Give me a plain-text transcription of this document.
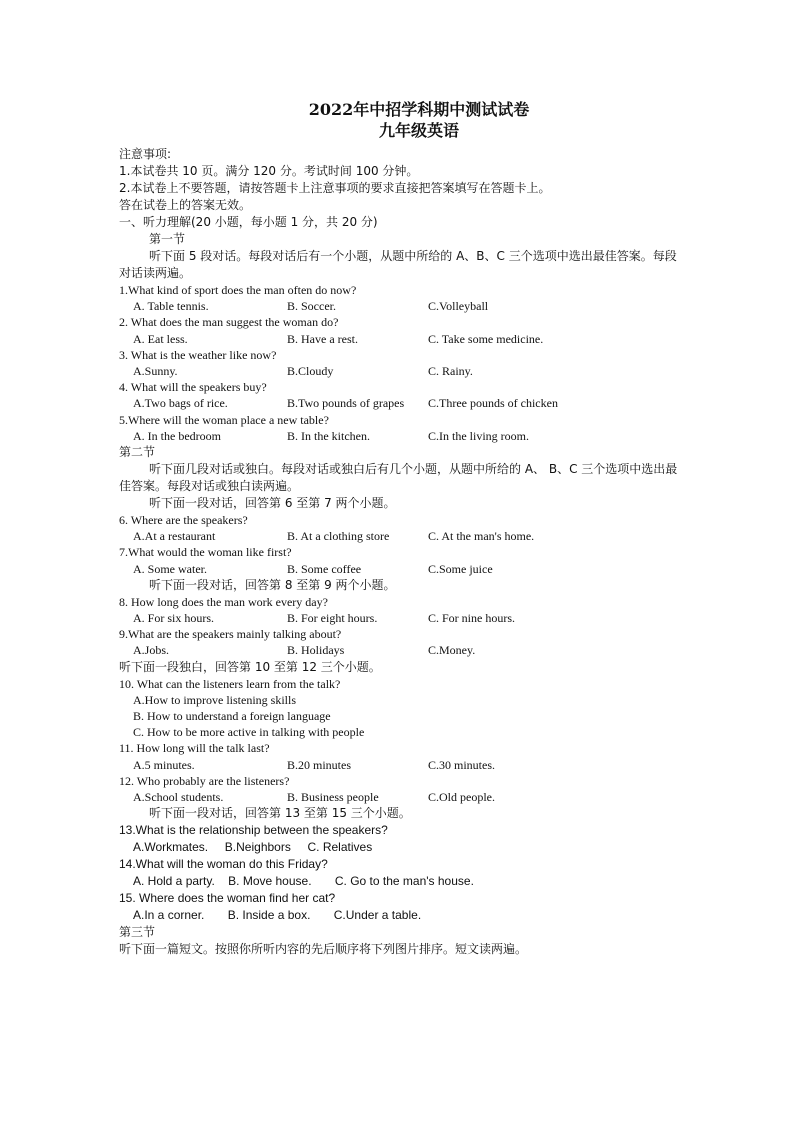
2022年中招学科期中测试试卷
九年级英语
注意事项:
1.本试卷共 10 页。满分 120 分。考试时间 100 分钟。
2.本试卷上不要答题，请按答题卡上注意事项的要求直接把答案填写在答题卡上。
答在试卷上的答案无效。
一、听力理解(20 小题，每小题 1 分，共 20 分)
第一节
听下面 5 段对话。每段对话后有一个小题，从题中所给的 A、B、C 三个选项中选出最佳答案。每段对话读两遍。
1.What kind of sport does the man often do now?
A. Table tennis.	B. Soccer.	C.Volleyball
2. What does the man suggest the woman do?
A. Eat less.	B. Have a rest.	C. Take some medicine.
3. What is the weather like now?
A.Sunny.	B.Cloudy	C. Rainy.
4. What will the speakers buy?
A.Two bags of rice.	B.Two pounds of grapes	C.Three pounds of chicken
5.Where will the woman place a new table?
A. In the bedroom	B. In the kitchen.	C.In the living room.
第二节
听下面几段对话或独白。每段对话或独白后有几个小题，从题中所给的 A、 B、C 三个选项中选出最佳答案。每段对话或独白读两遍。
听下面一段对话，回答第 6 至第 7 两个小题。
6. Where are the speakers?
A.At a restaurant	B. At a clothing store	C. At the man's home.
7.What would the woman like first?
A. Some water.	B. Some coffee	C.Some juice
听下面一段对话，回答第 8 至第 9 两个小题。
8. How long does the man work every day?
A. For six hours.	B. For eight hours.	C. For nine hours.
9.What are the speakers mainly talking about?
A.Jobs.	B. Holidays	C.Money.
听下面一段独白，回答第 10 至第 12 三个小题。
10. What can the listeners learn from the talk?
A.How to improve listening skills
B. How to understand a foreign language
C. How to be more active in talking with people
11. How long will the talk last?
A.5 minutes.	B.20 minutes	C.30 minutes.
12. Who probably are the listeners?
A.School students.	B. Business people	C.Old people.
听下面一段对话，回答第 13 至第 15 三个小题。
13.What is the relationship between the speakers?
A.Workmates.     B.Neighbors     C. Relatives
14.What will the woman do this Friday?
A. Hold a party.    B. Move house.       C. Go to the man's house.
15. Where does the woman find her cat?
A.In a corner.       B. Inside a box.       C.Under a table.
第三节
听下面一篇短文。按照你所听内容的先后顺序将下列图片排序。短文读两遍。
